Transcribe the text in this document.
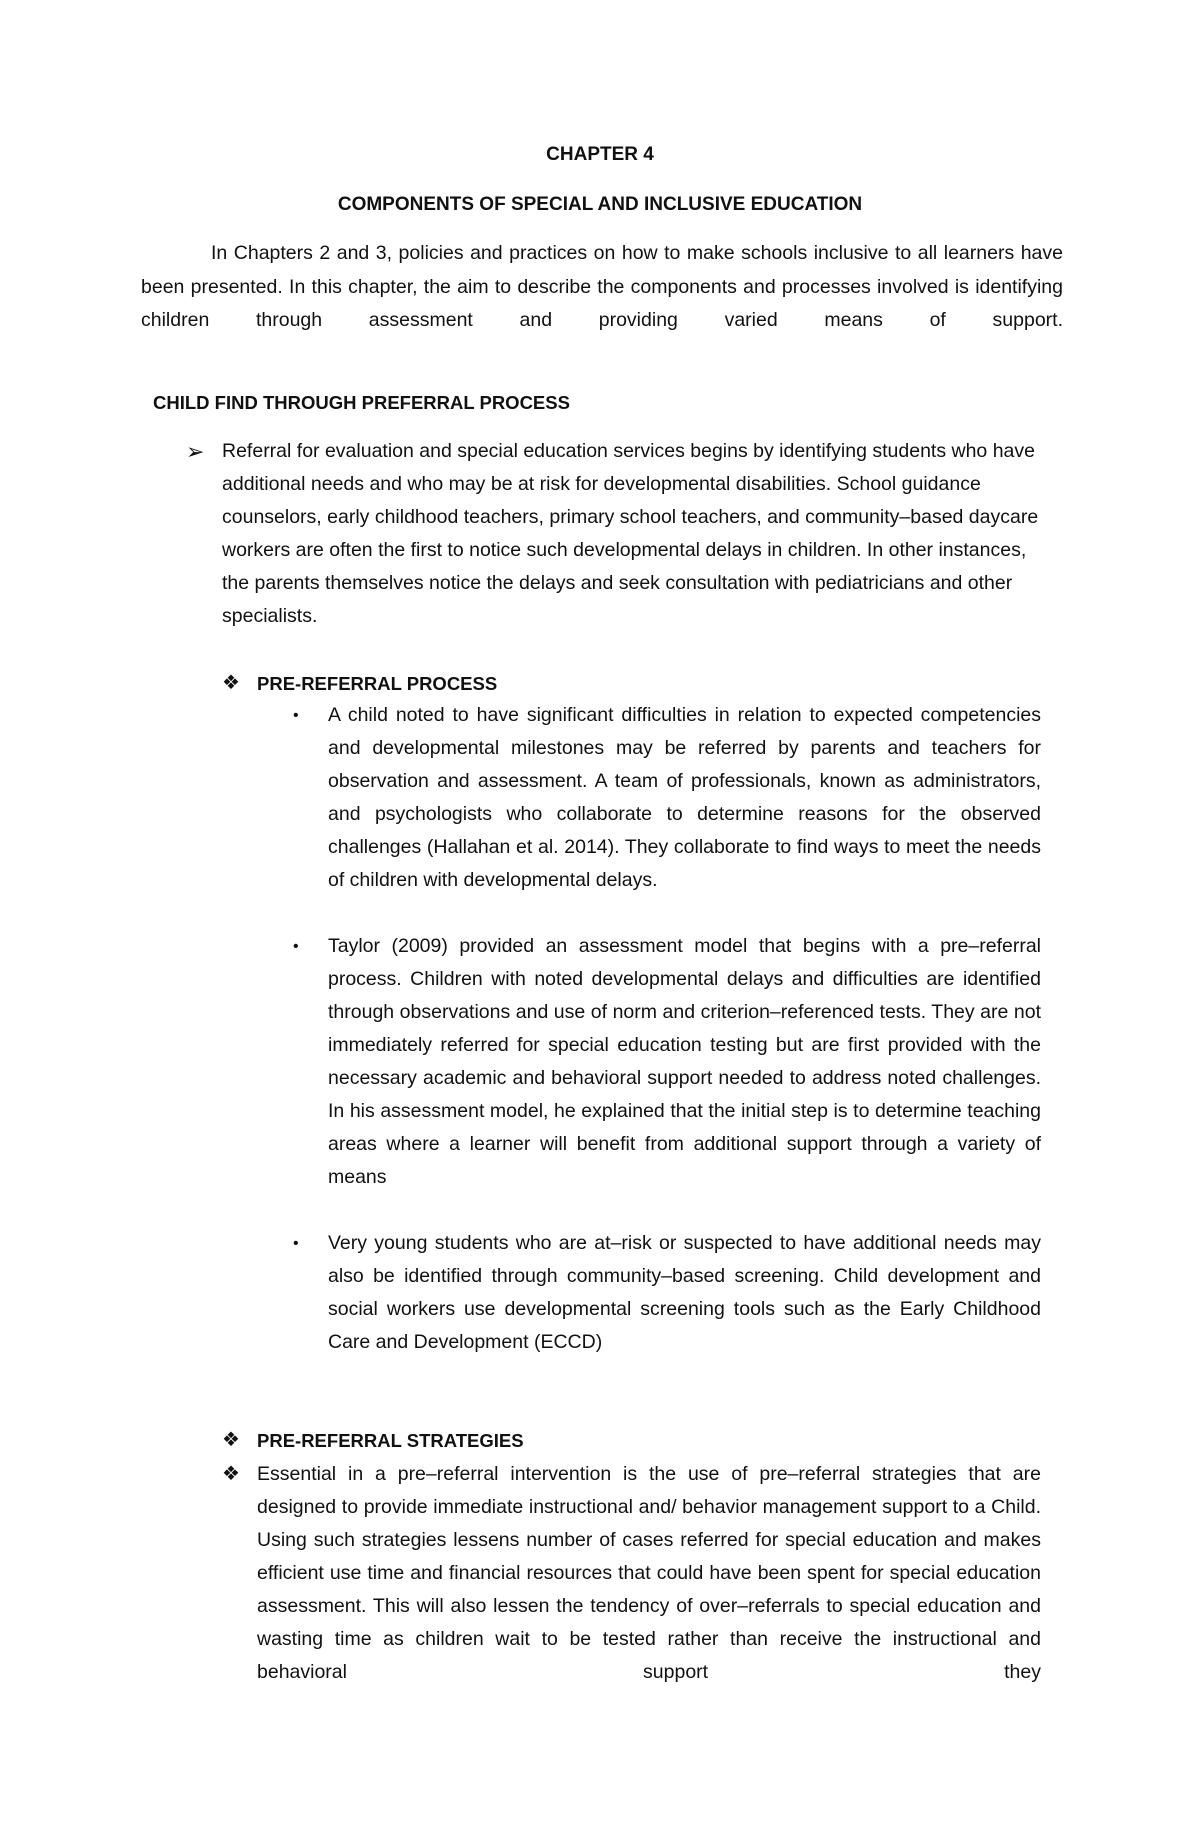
CHAPTER 4
COMPONENTS OF SPECIAL AND INCLUSIVE EDUCATION

In Chapters 2 and 3, policies and practices on how to make schools inclusive to all learners have been presented. In this chapter, the aim to describe the components and processes involved is identifying children through assessment and providing varied means of support.

CHILD FIND THROUGH PREFERRAL PROCESS
➢ Referral for evaluation and special education services begins by identifying students who have additional needs and who may be at risk for developmental disabilities. School guidance counselors, early childhood teachers, primary school teachers, and community–based daycare workers are often the first to notice such developmental delays in children. In other instances, the parents themselves notice the delays and seek consultation with pediatricians and other specialists.

❖ PRE-REFERRAL PROCESS
• A child noted to have significant difficulties in relation to expected competencies and developmental milestones may be referred by parents and teachers for observation and assessment. A team of professionals, known as administrators, and psychologists who collaborate to determine reasons for the observed challenges (Hallahan et al. 2014). They collaborate to find ways to meet the needs of children with developmental delays.

• Taylor (2009) provided an assessment model that begins with a pre–referral process. Children with noted developmental delays and difficulties are identified through observations and use of norm and criterion–referenced tests. They are not immediately referred for special education testing but are first provided with the necessary academic and behavioral support needed to address noted challenges. In his assessment model, he explained that the initial step is to determine teaching areas where a learner will benefit from additional support through a variety of means

• Very young students who are at–risk or suspected to have additional needs may also be identified through community–based screening. Child development and social workers use developmental screening tools such as the Early Childhood Care and Development (ECCD)

❖ PRE-REFERRAL STRATEGIES
❖ Essential in a pre–referral intervention is the use of pre–referral strategies that are designed to provide immediate instructional and/ behavior management support to a Child. Using such strategies lessens number of cases referred for special education and makes efficient use time and financial resources that could have been spent for special education assessment. This will also lessen the tendency of over–referrals to special education and wasting time as children wait to be tested rather than receive the instructional and behavioral support they
